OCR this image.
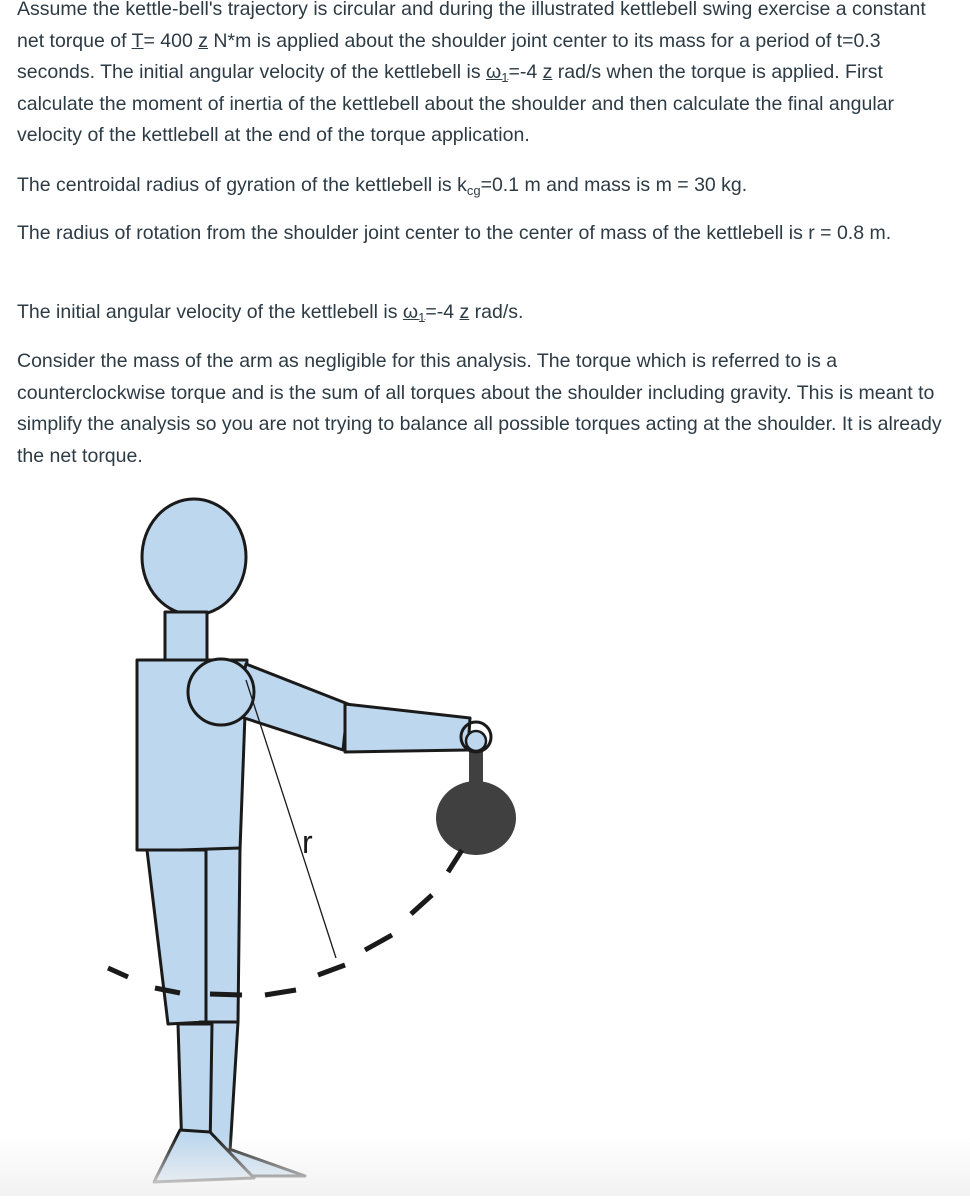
Assume the kettle-bell's trajectory is circular and during the illustrated kettlebell swing exercise a constant net torque of T= 400 z N*m is applied about the shoulder joint center to its mass for a period of t=0.3 seconds. The initial angular velocity of the kettlebell is $\omega_1=-4$ z rad/s when the torque is applied. First calculate the moment of inertia of the kettlebell about the shoulder and then calculate the final angular velocity of the kettlebell at the end of the torque application.

The centroidal radius of gyration of the kettlebell is $k_{cg}=0.1$ m and mass is m = 30 kg.

The radius of rotation from the shoulder joint center to the center of mass of the kettlebell is r = 0.8 m.

The initial angular velocity of the kettlebell is $\omega_1=-4$ z rad/s.

Consider the mass of the arm as negligible for this analysis. The torque which is referred to is a counterclockwise torque and is the sum of all torques about the shoulder including gravity. This is meant to simplify the analysis so you are not trying to balance all possible torques acting at the shoulder. It is already the net torque.

r
